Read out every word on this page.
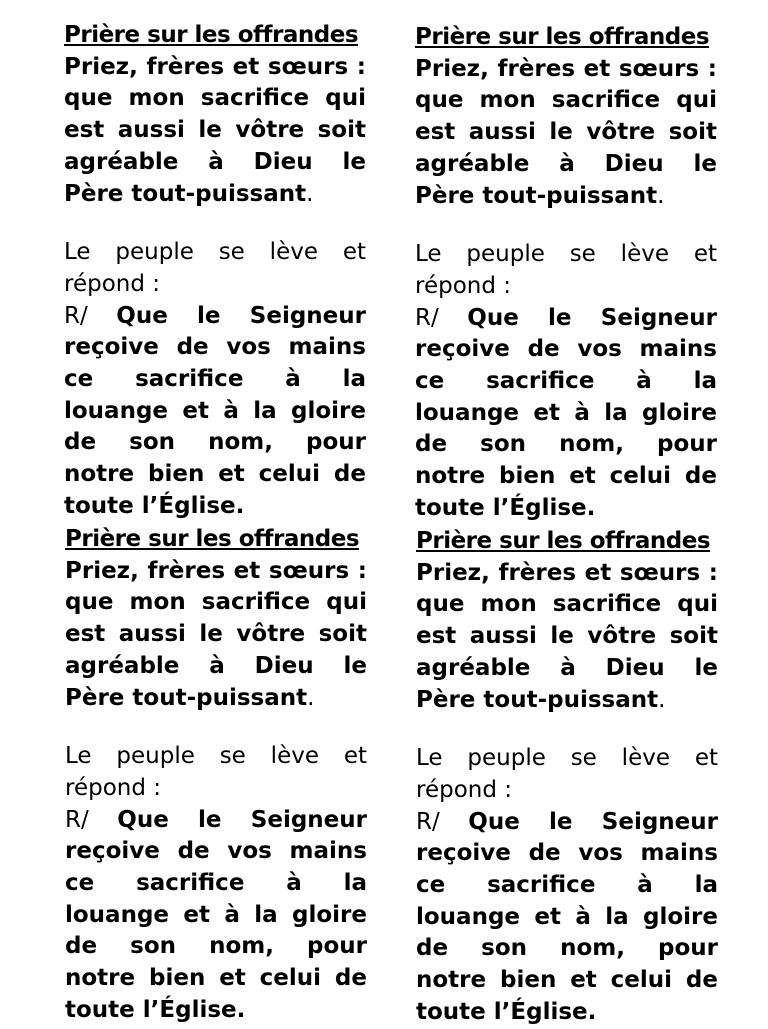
Prière sur les offrandes

Priez, frères et sœurs : que mon sacrifice qui est aussi le vôtre soit agréable à Dieu le Père tout-puissant.

Le peuple se lève et répond :

R/ Que le Seigneur reçoive de vos mains ce sacrifice à la louange et à la gloire de son nom, pour notre bien et celui de toute l’Église.

Prière sur les offrandes

Priez, frères et sœurs : que mon sacrifice qui est aussi le vôtre soit agréable à Dieu le Père tout-puissant.

Le peuple se lève et répond :

R/ Que le Seigneur reçoive de vos mains ce sacrifice à la louange et à la gloire de son nom, pour notre bien et celui de toute l’Église.

Prière sur les offrandes

Priez, frères et sœurs : que mon sacrifice qui est aussi le vôtre soit agréable à Dieu le Père tout-puissant.

Le peuple se lève et répond :

R/ Que le Seigneur reçoive de vos mains ce sacrifice à la louange et à la gloire de son nom, pour notre bien et celui de toute l’Église.

Prière sur les offrandes

Priez, frères et sœurs : que mon sacrifice qui est aussi le vôtre soit agréable à Dieu le Père tout-puissant.

Le peuple se lève et répond :

R/ Que le Seigneur reçoive de vos mains ce sacrifice à la louange et à la gloire de son nom, pour notre bien et celui de toute l’Église.
